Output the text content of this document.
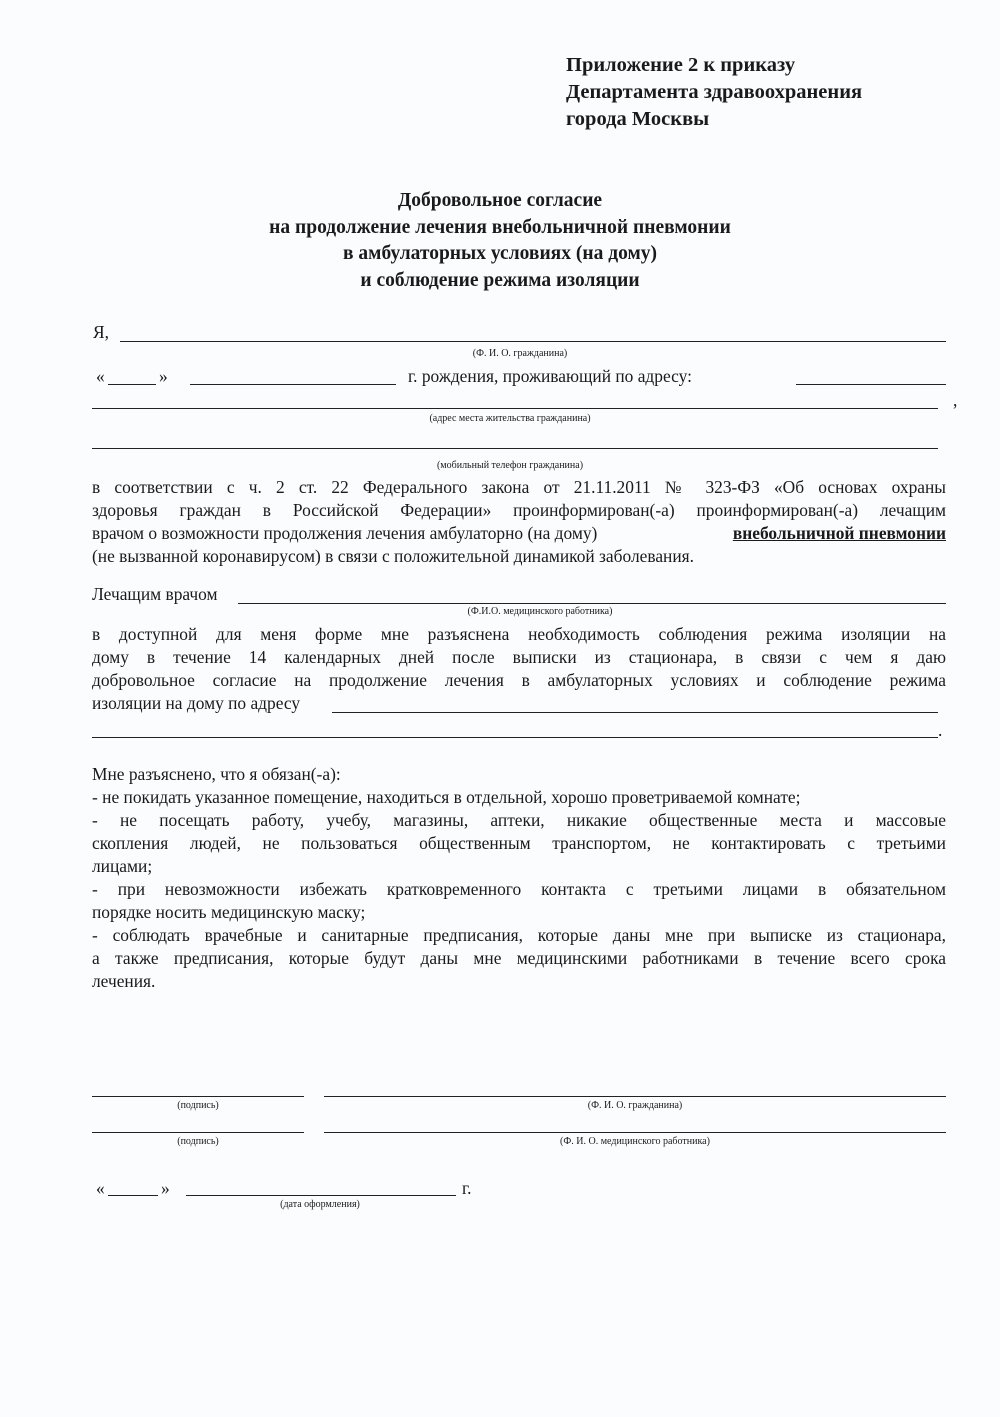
Приложение 2 к приказу
Департамента здравоохранения
города Москвы
Добровольное согласие
на продолжение лечения внебольничной пневмонии
в амбулаторных условиях (на дому)
и соблюдение режима изоляции
Я,
(Ф. И. О. гражданина)
«	»	г. рождения, проживающий по адресу:
,
(адрес места жительства гражданина)
(мобильный телефон гражданина)
в соответствии с ч. 2 ст. 22 Федерального закона от 21.11.2011 № 323-ФЗ «Об основах охраны
здоровья граждан в Российской Федерации» проинформирован(-а) проинформирован(-а) лечащим
врачом о возможности продолжения лечения амбулаторно (на дому)	внебольничной пневмонии
(не вызванной коронавирусом) в связи с положительной динамикой заболевания.
Лечащим врачом
(Ф.И.О. медицинского работника)
в доступной для меня форме мне разъяснена необходимость соблюдения режима изоляции на
дому в течение 14 календарных дней после выписки из стационара, в связи с чем я даю
добровольное согласие на продолжение лечения в амбулаторных условиях и соблюдение режима
изоляции на дому по адресу
.
Мне разъяснено, что я обязан(-а):
- не покидать указанное помещение, находиться в отдельной, хорошо проветриваемой комнате;
- не посещать работу, учебу, магазины, аптеки, никакие общественные места и массовые
скопления людей, не пользоваться общественным транспортом, не контактировать с третьими
лицами;
- при невозможности избежать кратковременного контакта с третьими лицами в обязательном
порядке носить медицинскую маску;
- соблюдать врачебные и санитарные предписания, которые даны мне при выписке из стационара,
а также предписания, которые будут даны мне медицинскими работниками в течение всего срока
лечения.
(подпись)	(Ф. И. О. гражданина)
(подпись)	(Ф. И. О. медицинского работника)
«	»	г.
(дата оформления)
